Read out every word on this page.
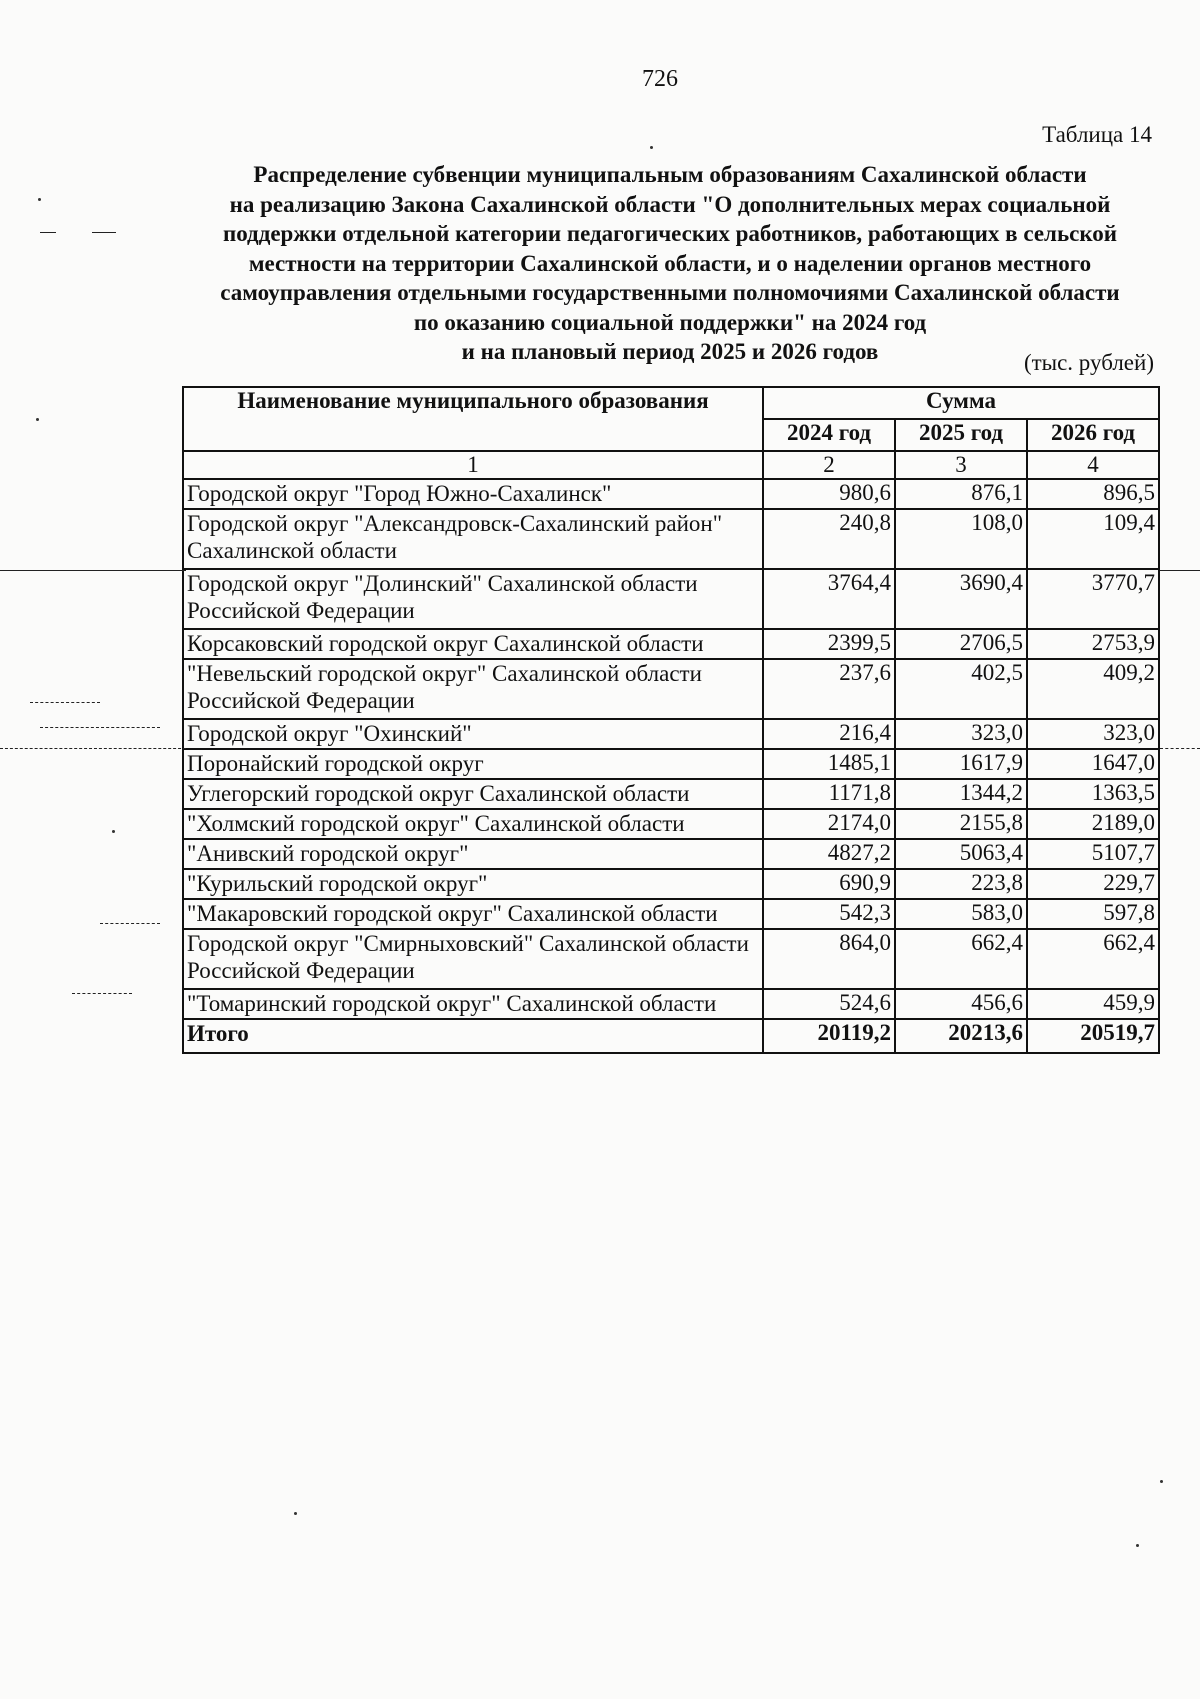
726
Таблица 14
Распределение субвенции муниципальным образованиям Сахалинской области
на реализацию Закона Сахалинской области "О дополнительных мерах социальной
поддержки отдельной категории педагогических работников, работающих в сельской
местности на территории Сахалинской области, и о наделении органов местного
самоуправления отдельными государственными полномочиями Сахалинской области
по оказанию социальной поддержки" на 2024 год
и на плановый период 2025 и 2026 годов	(тыс. рублей)
Наименование муниципального образования	Сумма		
	2024 год	2025 год	2026 год
1	2	3	4
Городской округ "Город Южно-Сахалинск"	980,6	876,1	896,5
Городской округ "Александровск-Сахалинский район" Сахалинской области	240,8	108,0	109,4
Городской округ "Долинский" Сахалинской области Российской Федерации	3764,4	3690,4	3770,7
Корсаковский городской округ Сахалинской области	2399,5	2706,5	2753,9
"Невельский городской округ" Сахалинской области Российской Федерации	237,6	402,5	409,2
Городской округ "Охинский"	216,4	323,0	323,0
Поронайский городской округ	1485,1	1617,9	1647,0
Углегорский городской округ Сахалинской области	1171,8	1344,2	1363,5
"Холмский городской округ" Сахалинской области	2174,0	2155,8	2189,0
"Анивский городской округ"	4827,2	5063,4	5107,7
"Курильский городской округ"	690,9	223,8	229,7
"Макаровский городской округ" Сахалинской области	542,3	583,0	597,8
Городской округ "Смирныховский" Сахалинской области Российской Федерации	864,0	662,4	662,4
"Томаринский городской округ" Сахалинской области	524,6	456,6	459,9
Итого	20119,2	20213,6	20519,7
